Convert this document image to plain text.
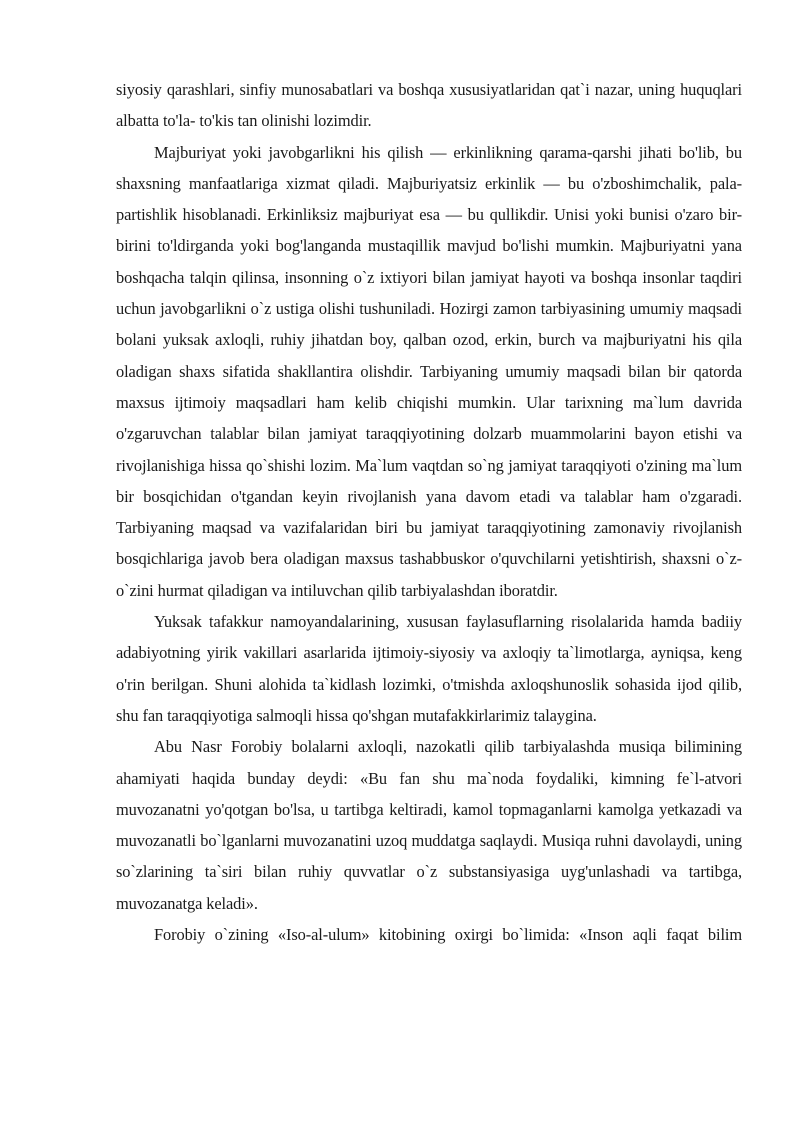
siyosiy qarashlari, sinfiy munosabatlari va boshqa xususiyatlaridan qat`i nazar, uning huquqlari albatta to'la- to'kis tan olinishi lozimdir.

Majburiyat yoki javobgarlikni his qilish — erkinlikning qarama-qarshi jihati bo'lib, bu shaxsning manfaatlariga xizmat qiladi. Majburiyatsiz erkinlik — bu o'zboshimchalik, pala-partishlik hisoblanadi. Erkinliksiz majburiyat esa — bu qullikdir. Unisi yoki bunisi o'zaro bir-birini to'ldirganda yoki bog'langanda mustaqillik mavjud bo'lishi mumkin. Majburiyatni yana boshqacha talqin qilinsa, insonning o`z ixtiyori bilan jamiyat hayoti va boshqa insonlar taqdiri uchun javobgarlikni o`z ustiga olishi tushuniladi. Hozirgi zamon tarbiyasining umumiy maqsadi bolani yuksak axloqli, ruhiy jihatdan boy, qalban ozod, erkin, burch va majburiyatni his qila oladigan shaxs sifatida shakllantira olishdir. Tarbiyaning umumiy maqsadi bilan bir qatorda maxsus ijtimoiy maqsadlari ham kelib chiqishi mumkin. Ular tarixning ma`lum davrida o'zgaruvchan talablar bilan jamiyat taraqqiyotining dolzarb muammolarini bayon etishi va rivojlanishiga hissa qo`shishi lozim. Ma`lum vaqtdan so`ng jamiyat taraqqiyoti o'zining ma`lum bir bosqichidan o'tgandan keyin rivojlanish yana davom etadi va talablar ham o'zgaradi. Tarbiyaning maqsad va vazifalaridan biri bu jamiyat taraqqiyotining zamonaviy rivojlanish bosqichlariga javob bera oladigan maxsus tashabbuskor o'quvchilarni yetishtirish, shaxsni o`z-o`zini hurmat qiladigan va intiluvchan qilib tarbiyalashdan iboratdir.

Yuksak tafakkur namoyandalarining, xususan faylasuflarning risolalarida hamda badiiy adabiyotning yirik vakillari asarlarida ijtimoiy-siyosiy va axloqiy ta`limotlarga, ayniqsa, keng o'rin berilgan. Shuni alohida ta`kidlash lozimki, o'tmishda axloqshunoslik sohasida ijod qilib, shu fan taraqqiyotiga salmoqli hissa qo'shgan mutafakkirlarimiz talaygina.

Abu Nasr Forobiy bolalarni axloqli, nazokatli qilib tarbiyalashda musiqa bilimining ahamiyati haqida bunday deydi: «Bu fan shu ma`noda foydaliki, kimning fe`l-atvori muvozanatni yo'qotgan bo'lsa, u tartibga keltiradi, kamol topmaganlarni kamolga yetkazadi va muvozanatli bo`lganlarni muvozanatini uzoq muddatga saqlaydi. Musiqa ruhni davolaydi, uning so`zlarining ta`siri bilan ruhiy quvvatlar o`z substansiyasiga uyg'unlashadi va tartibga, muvozanatga keladi».

Forobiy o`zining «Iso-al-ulum» kitobining oxirgi bo`limida: «Inson aqli faqat bilim
